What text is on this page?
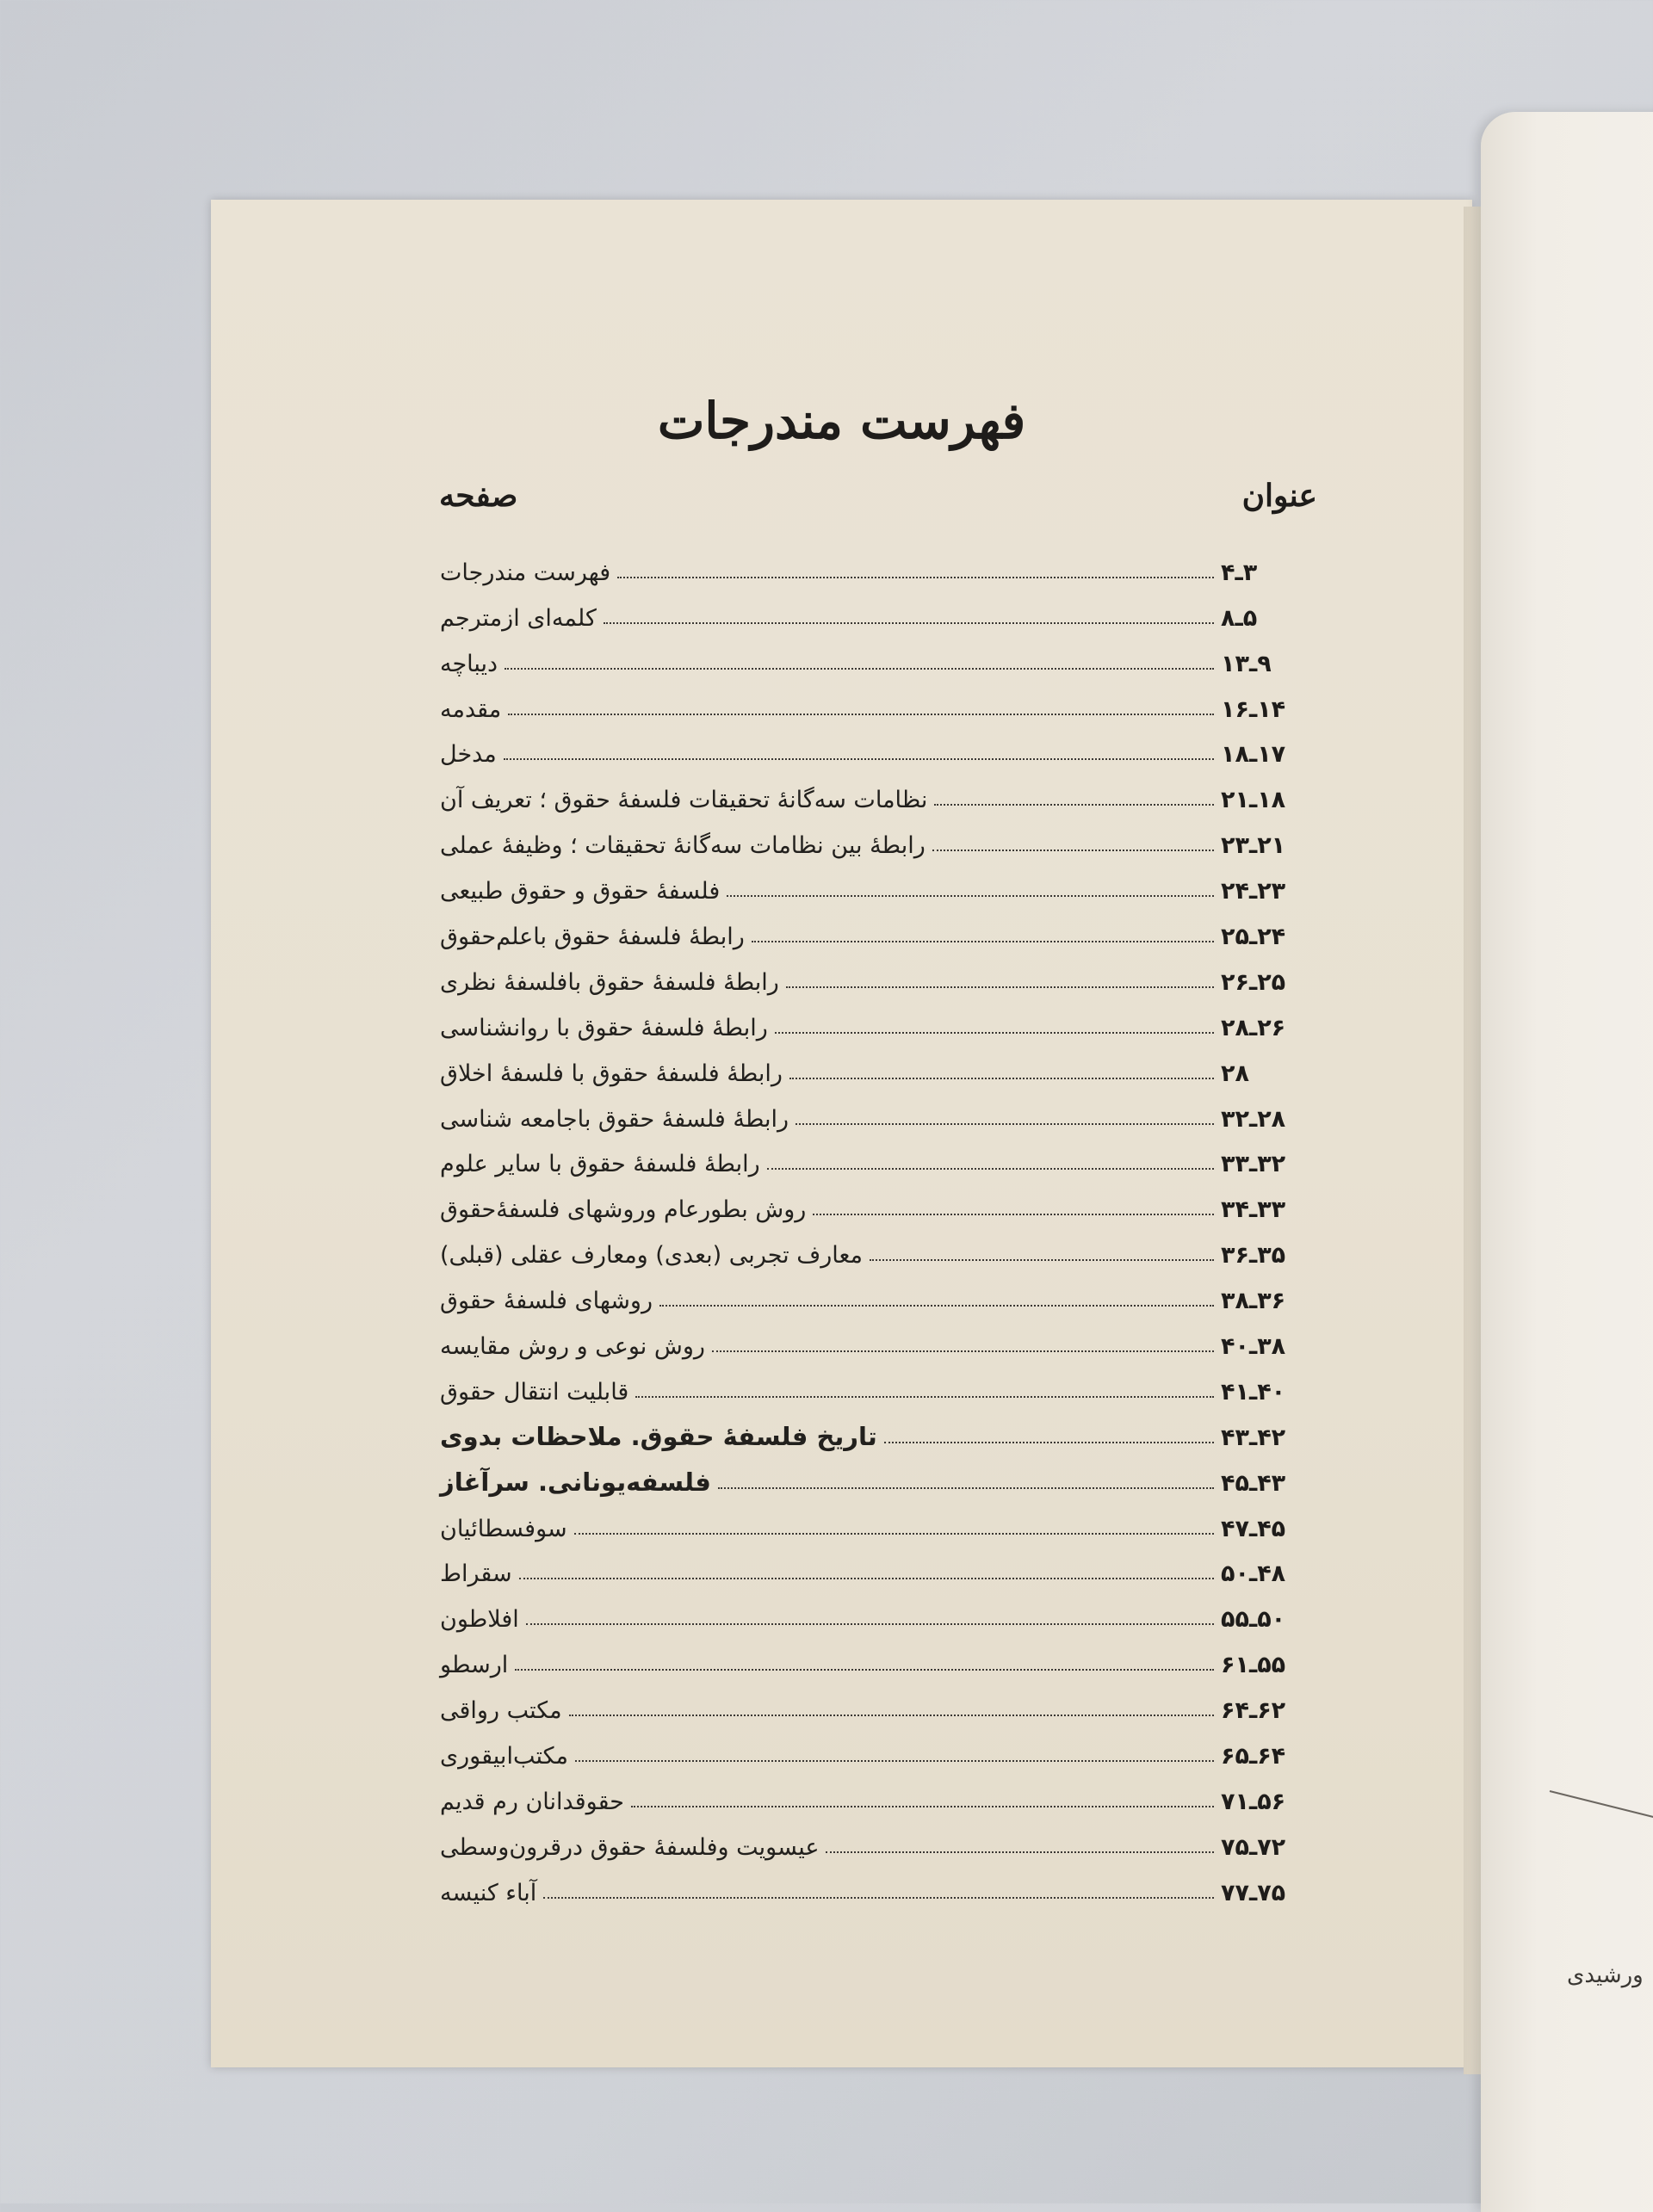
ورشیدی
فهرست مندرجات
عنوان
صفحه
فهرست مندرجات	۳ـ۴
کلمه‌ای ازمترجم	۵ـ۸
دیباچه	۹ـ۱۳
مقدمه	۱۴ـ۱۶
مدخل	۱۷ـ۱۸
نظامات سه‌گانهٔ تحقیقات فلسفهٔ حقوق ؛ تعریف آن	۱۸ـ۲۱
رابطهٔ بین نظامات سه‌گانهٔ تحقیقات ؛ وظیفهٔ عملی	۲۱ـ۲۳
فلسفهٔ حقوق و حقوق طبیعی	۲۳ـ۲۴
رابطهٔ فلسفهٔ حقوق باعلم‌حقوق	۲۴ـ۲۵
رابطهٔ فلسفهٔ حقوق بافلسفهٔ نظری	۲۵ـ۲۶
رابطهٔ فلسفهٔ حقوق با روانشناسی	۲۶ـ۲۸
رابطهٔ فلسفهٔ حقوق با فلسفهٔ اخلاق	۲۸
رابطهٔ فلسفهٔ حقوق باجامعه شناسی	۲۸ـ۳۲
رابطهٔ فلسفهٔ حقوق با سایر علوم	۳۲ـ۳۳
روش بطورعام وروشهای فلسفهٔ‌حقوق	۳۳ـ۳۴
معارف تجربی (بعدی) ومعارف عقلی (قبلی)	۳۵ـ۳۶
روشهای فلسفهٔ حقوق	۳۶ـ۳۸
روش نوعی و روش مقایسه	۳۸ـ۴۰
قابلیت انتقال حقوق	۴۰ـ۴۱
تاریخ فلسفهٔ حقوق. ملاحظات بدوی	۴۲ـ۴۳
فلسفه‌یونانی. سرآغاز	۴۳ـ۴۵
سوفسطائیان	۴۵ـ۴۷
سقراط	۴۸ـ۵۰
افلاطون	۵۰ـ۵۵
ارسطو	۵۵ـ۶۱
مکتب رواقی	۶۲ـ۶۴
مکتب‌ابیقوری	۶۴ـ۶۵
حقوقدانان رم قدیم	۵۶ـ۷۱
عیسویت وفلسفهٔ حقوق درقرون‌وسطی	۷۲ـ۷۵
آباء کنیسه	۷۵ـ۷۷
